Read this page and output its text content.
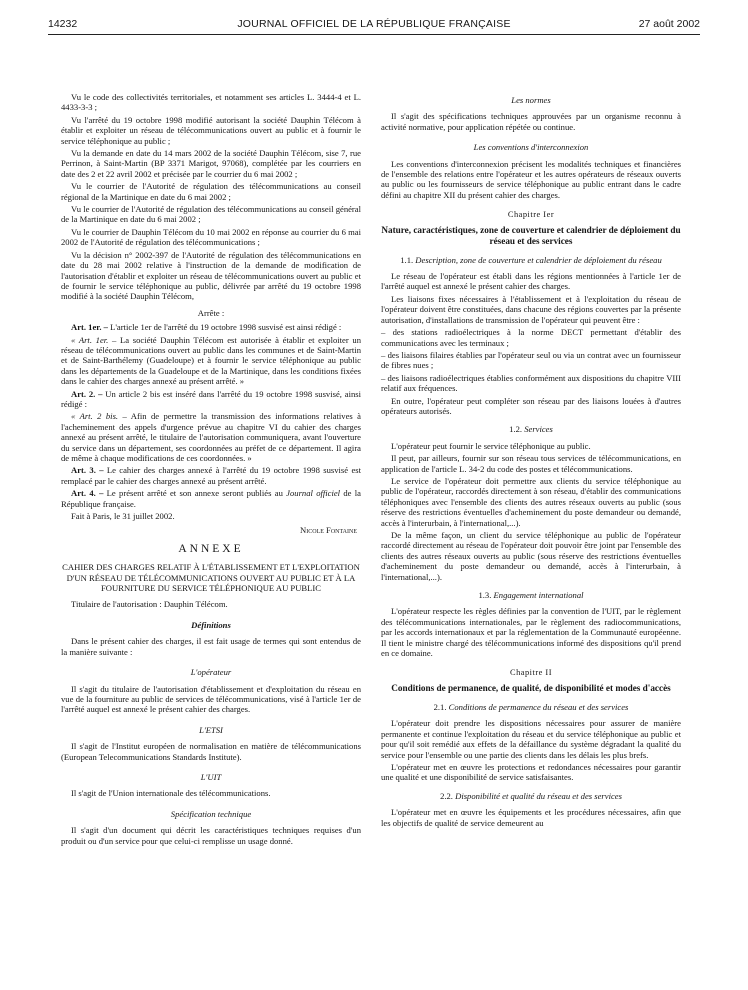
14232	JOURNAL OFFICIEL DE LA RÉPUBLIQUE FRANÇAISE	27 août 2002

Vu le code des collectivités territoriales, et notamment ses articles L. 3444-4 et L. 4433-3-3 ;

Vu l'arrêté du 19 octobre 1998 modifié autorisant la société Dauphin Télécom à établir et exploiter un réseau de télécommunications ouvert au public et à fournir le service téléphonique au public ;

Vu la demande en date du 14 mars 2002 de la société Dauphin Télécom, sise 7, rue Perrinon, à Saint-Martin (BP 3371 Marigot, 97068), complétée par les courriers en date des 2 et 22 avril 2002 et précisée par le courrier du 6 mai 2002 ;

Vu le courrier de l'Autorité de régulation des télécommunications au conseil régional de la Martinique en date du 6 mai 2002 ;

Vu le courrier de l'Autorité de régulation des télécommunications au conseil général de la Martinique en date du 6 mai 2002 ;

Vu le courrier de Dauphin Télécom du 10 mai 2002 en réponse au courrier du 6 mai 2002 de l'Autorité de régulation des télécommunications ;

Vu la décision n° 2002-397 de l'Autorité de régulation des télécommunications en date du 28 mai 2002 relative à l'instruction de la demande de modification de l'autorisation d'établir et exploiter un réseau de télécommunications ouvert au public et de fournir le service téléphonique au public, délivrée par arrêté du 19 octobre 1998 modifié à la société Dauphin Télécom,

Arrête :

Art. 1er. – L'article 1er de l'arrêté du 19 octobre 1998 susvisé est ainsi rédigé :

« Art. 1er. – La société Dauphin Télécom est autorisée à établir et exploiter un réseau de télécommunications ouvert au public dans les communes et de Saint-Martin et de Saint-Barthélemy (Guadeloupe) et à fournir le service téléphonique au public dans les départements de la Guadeloupe et de la Martinique, dans les conditions fixées dans le cahier des charges annexé au présent arrêté. »

Art. 2. – Un article 2 bis est inséré dans l'arrêté du 19 octobre 1998 susvisé, ainsi rédigé :

« Art. 2 bis. – Afin de permettre la transmission des informations relatives à l'acheminement des appels d'urgence prévue au chapitre VI du cahier des charges annexé au présent arrêté, le titulaire de l'autorisation communiquera, avant l'ouverture du service dans un département, ses coordonnées au préfet de ce département. Il agira de même à chaque modifications de ces coordonnées. »

Art. 3. – Le cahier des charges annexé à l'arrêté du 19 octobre 1998 susvisé est remplacé par le cahier des charges annexé au présent arrêté.

Art. 4. – Le présent arrêté et son annexe seront publiés au Journal officiel de la République française.

Fait à Paris, le 31 juillet 2002.

Nicole Fontaine

ANNEXE
CAHIER DES CHARGES RELATIF À L'ÉTABLISSEMENT ET L'EXPLOITATION D'UN RÉSEAU DE TÉLÉCOMMUNICATIONS OUVERT AU PUBLIC ET À LA FOURNITURE DU SERVICE TÉLÉPHONIQUE AU PUBLIC

Titulaire de l'autorisation : Dauphin Télécom.

Définitions

Dans le présent cahier des charges, il est fait usage de termes qui sont entendus de la manière suivante :

L'opérateur

Il s'agit du titulaire de l'autorisation d'établissement et d'exploitation du réseau en vue de la fourniture au public de services de télécommunications, visé à l'article 1er de l'arrêté auquel est annexé le présent cahier des charges.

L'ETSI

Il s'agit de l'Institut européen de normalisation en matière de télécommunications (European Telecommunications Standards Institute).

L'UIT

Il s'agit de l'Union internationale des télécommunications.

Spécification technique

Il s'agit d'un document qui décrit les caractéristiques techniques requises d'un produit ou d'un service pour que celui-ci remplisse un usage donné.

Les normes

Il s'agit des spécifications techniques approuvées par un organisme reconnu à activité normative, pour application répétée ou continue.

Les conventions d'interconnexion

Les conventions d'interconnexion précisent les modalités techniques et financières de l'ensemble des relations entre l'opérateur et les autres opérateurs de réseaux ouverts au public ou les fournisseurs de service téléphonique au public entrant dans le cadre défini au chapitre XII du présent cahier des charges.

Chapitre Ier
Nature, caractéristiques, zone de couverture et calendrier de déploiement du réseau et des services
1.1. Description, zone de couverture et calendrier de déploiement du réseau

Le réseau de l'opérateur est établi dans les régions mentionnées à l'article 1er de l'arrêté auquel est annexé le présent cahier des charges.

Les liaisons fixes nécessaires à l'établissement et à l'exploitation du réseau de l'opérateur doivent être constituées, dans chacune des régions couvertes par la présente autorisation, d'installations de transmission de l'opérateur qui peuvent être :

– des stations radioélectriques à la norme DECT permettant d'établir des communications avec les terminaux ;

– des liaisons filaires établies par l'opérateur seul ou via un contrat avec un fournisseur de fibres nues ;

– des liaisons radioélectriques établies conformément aux dispositions du chapitre VIII relatif aux fréquences.

En outre, l'opérateur peut compléter son réseau par des liaisons louées à d'autres opérateurs autorisés.

1.2. Services

L'opérateur peut fournir le service téléphonique au public.

Il peut, par ailleurs, fournir sur son réseau tous services de télécommunications, en application de l'article L. 34-2 du code des postes et télécommunications.

Le service de l'opérateur doit permettre aux clients du service téléphonique au public de l'opérateur, raccordés directement à son réseau, d'établir des communications téléphoniques avec l'ensemble des clients des autres réseaux ouverts au public (sous réserve des restrictions éventuelles d'acheminement du poste demandeur ou demandé, accès à l'interurbain, à l'international,...).

De la même façon, un client du service téléphonique au public de l'opérateur raccordé directement au réseau de l'opérateur doit pouvoir être joint par l'ensemble des clients des autres réseaux ouverts au public (sous réserve des restrictions éventuelles d'acheminement du poste demandeur ou demandé, accès à l'interurbain, à l'international,...).

1.3. Engagement international

L'opérateur respecte les règles définies par la convention de l'UIT, par le règlement des télécommunications internationales, par le règlement des radiocommunications, par les accords internationaux et par la réglementation de la Communauté européenne. Il tient le ministre chargé des télécommunications informé des dispositions qu'il prend en ce domaine.

Chapitre II
Conditions de permanence, de qualité, de disponibilité et modes d'accès
2.1. Conditions de permanence du réseau et des services

L'opérateur doit prendre les dispositions nécessaires pour assurer de manière permanente et continue l'exploitation du réseau et du service téléphonique au public et pour qu'il soit remédié aux effets de la défaillance du système dégradant la qualité du service pour l'ensemble ou une partie des clients dans les délais les plus brefs.

L'opérateur met en œuvre les protections et redondances nécessaires pour garantir une qualité et une disponibilité de service satisfaisantes.

2.2. Disponibilité et qualité du réseau et des services

L'opérateur met en œuvre les équipements et les procédures nécessaires, afin que les objectifs de qualité de service demeurent au
